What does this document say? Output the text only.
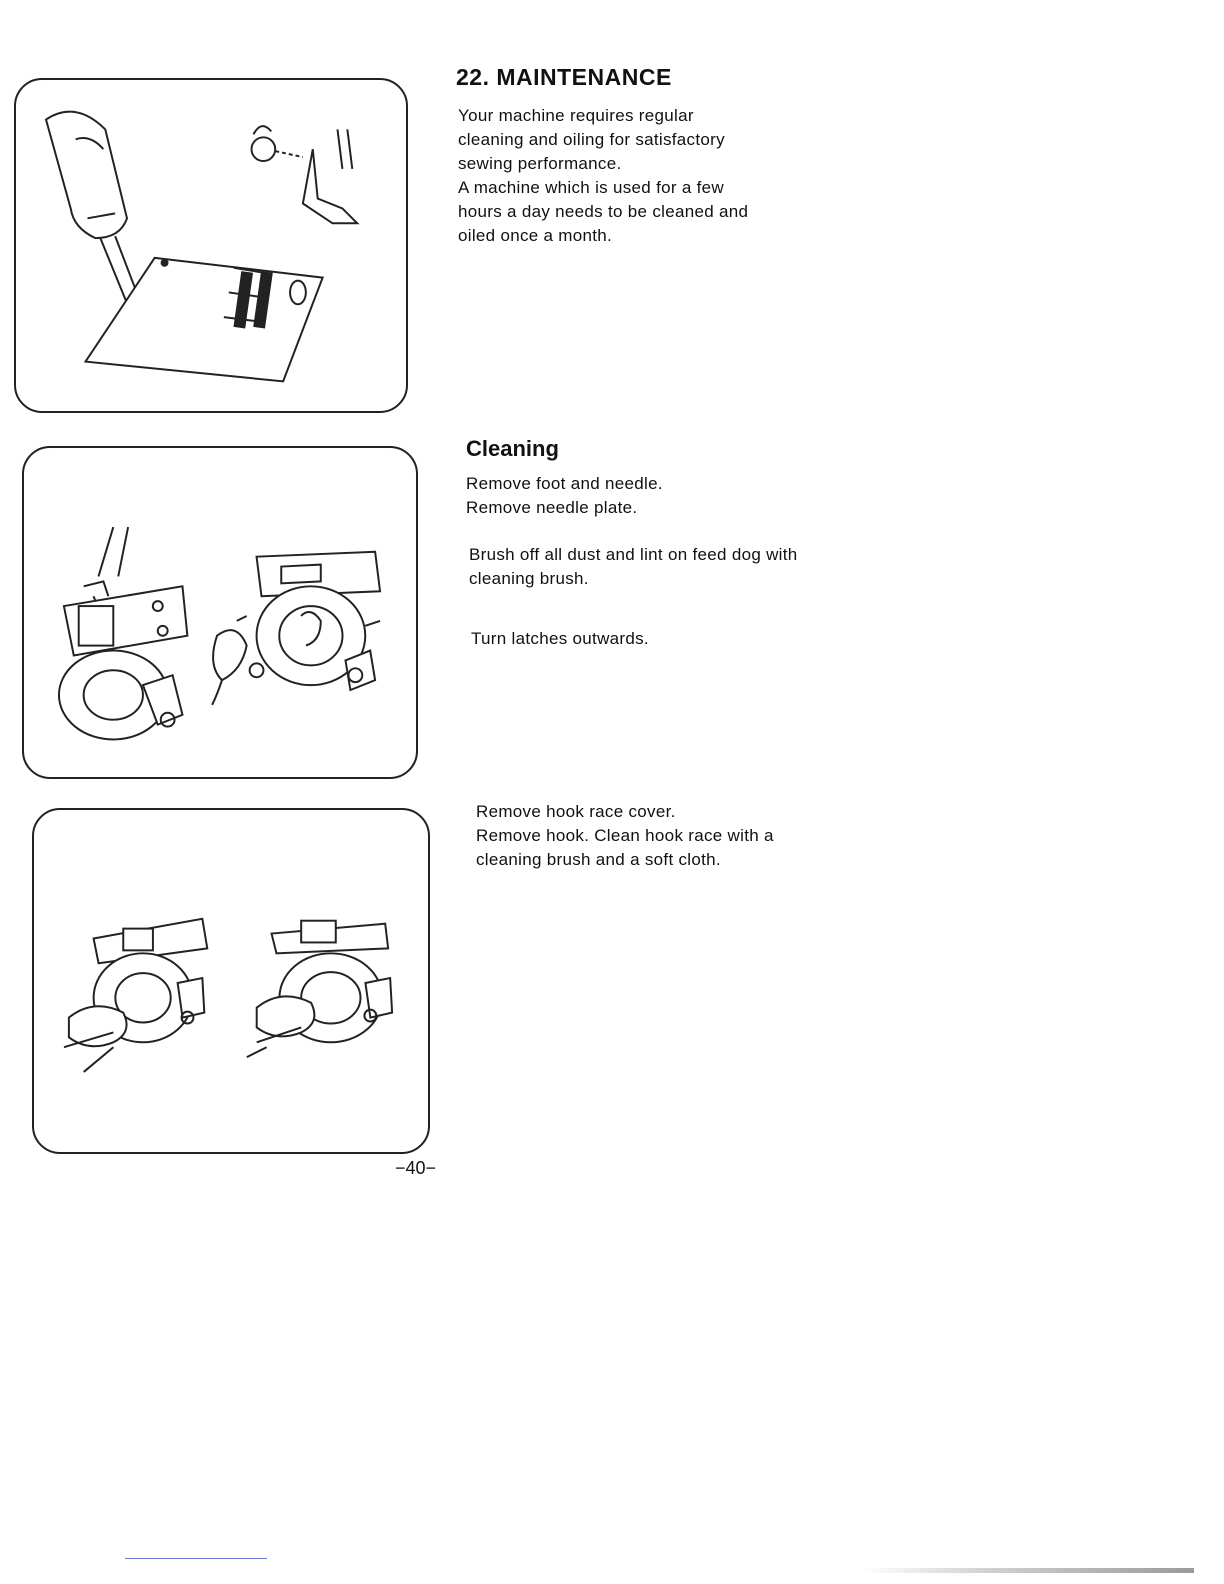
22. MAINTENANCE

Your machine requires regular cleaning and oiling for satisfactory sewing performance.

A machine which is used for a few hours a day needs to be cleaned and oiled once a month.

Cleaning

Remove foot and needle.

Remove needle plate.

Brush off all dust and lint on feed dog with cleaning brush.

Turn latches outwards.

Remove hook race cover.

Remove hook. Clean hook race with a cleaning brush and a soft cloth.

−40−
